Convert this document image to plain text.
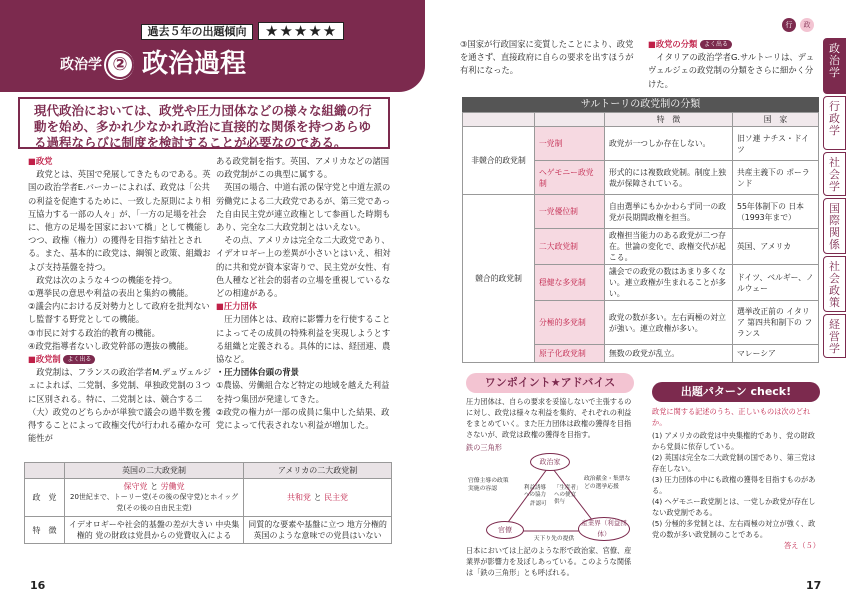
過去５年の出題傾向	★★★★★
政治学 ② 政治過程
現代政治においては、政党や圧力団体などの様々な組織の行動を始め、多かれ少なかれ政治に直接的な関係を持つあらゆる過程ならびに制度を検討することが必要なのである。
■政党
政党とは、英国で発展してきたものである。英国の政治学者E.バーカーによれば、政党は「公共の利益を促進するために、一致した原則により相互協力する一部の人々」が、「一方の足場を社会に、他方の足場を国家において橋」として機能しつつ、政権（権力）の獲得を目指す結社とされる。また、基本的に政党は、綱領と政策、組織および支持基盤を持つ。
政党は次のような４つの機能を持つ。
①選挙民の意思や利益の表出と集約の機能。
②議会内における反対勢力として政府を批判ないし監督する野党としての機能。
③市民に対する政治的教育の機能。
④政党指導者ないし政党幹部の選抜の機能。
■政党制 よく出る
政党制は、フランスの政治学者M.デュヴェルジェによれば、二党制、多党制、単独政党制の３つに区別される。特に、二党制とは、競合する二（大）政党のどちらかが単独で議会の過半数を獲得することによって政権交代が行われる確かな可能性が
ある政党制を指す。英国、アメリカなどの諸国の政党制がこの典型に属する。
英国の場合、中道右派の保守党と中道左派の労働党による二大政党であるが、第三党であった自由民主党が連立政権として参画した時期もあり、完全な二大政党制とはいえない。
その点、アメリカは完全な二大政党であり、イデオロギー上の差異が小さいとはいえ、相対的に共和党が資本家寄りで、民主党が女性、有色人種など社会的弱者の立場を重視しているなどの相違がある。
■圧力団体
圧力団体とは、政府に影響力を行使することによってその成員の特殊利益を実現しようとする組織と定義される。具体的には、経団連、農協など。
・圧力団体台頭の背景
①農協、労働組合など特定の地域を越えた利益を持つ集団が発達してきた。
②政党の権力が一部の成員に集中した結果、政党によって代表されない利益が増加した。
	英国の二大政党制	アメリカの二大政党制
政　党	保守党 と 労働党
20世紀まで、トーリー党(その後の保守党)とホイッグ党(その後の自由民主党)	共和党 と 民主党
特　徴	イデオロギーや社会的基盤の差が大きい 中央集権的 党の財政は党員からの党費収入による	同質的な要素や基盤に立つ 地方分権的 英国のような意味での党員はいない
16
行	政
③国家が行政国家に変質したことにより、政党を通さず、直接政府に自らの要求を出すほうが有利になった。
■政党の分類 よく出る
イタリアの政治学者G.サルトーリは、デュヴェルジェの政党制の分類をさらに細かく分けた。
サルトーリの政党制の分類
		特　徴	国　家
非競合的政党制	一党制	政党が一つしか存在しない。	旧ソ連 ナチス・ドイツ
	ヘゲモニー政党制	形式的には複数政党制。制度上独裁が保障されている。	共産主義下の ポーランド
競合的政党制	一党優位制	自由選挙にもかかわらず同一の政党が長期間政権を担当。	55年体制下の 日本（1993年まで）
	二大政党制	政権担当能力のある政党が二つ存在。世論の変化で、政権交代が起こる。	英国、アメリカ
	穏健な多党制	議会での政党の数はあまり多くない。連立政権が生まれることが多い。	ドイツ、ベルギー、ノルウェー
	分極的多党制	政党の数が多い。左右両極の対立が強い。連立政権が多い。	選挙改正前の イタリア 第四共和制下の フランス
	原子化政党制	無数の政党が乱立。	マレーシア
ワンポイント★アドバイス
圧力団体は、自らの要求を妥協しないで主張するのに対し、政党は様々な利益を集約、それぞれの利益をまとめていく。また圧力団体は政権の獲得を目指さないが、政党は政権の獲得を目指す。
鉄の三角形
政治家
官僚
産業界（利益団体）
官僚主導の政策実施の容認
政治献金・集票などの選挙応援
利益誘導への協力
許認可
「生産者」への便宜供与
天下り先の提供
日本においては上記のような形で政治家、官僚、産業界が影響力を及ぼしあっている。このような関係は「鉄の三角形」とも呼ばれる。
出題パターン check!
政党に関する記述のうち、正しいものは次のどれか。
(1) アメリカの政党は中央集権的であり、党の財政から党員に依存している。
(2) 英国は完全な二大政党制の国であり、第三党は存在しない。
(3) 圧力団体の中にも政権の獲得を目指すものがある。
(4) ヘゲモニー政党制とは、一党しか政党が存在しない政党制である。
(5) 分極的多党制とは、左右両極の対立が強く、政党の数が多い政党制のことである。
答え（５）
17
政治学
行政学
社会学
国際関係
社会政策
経営学
